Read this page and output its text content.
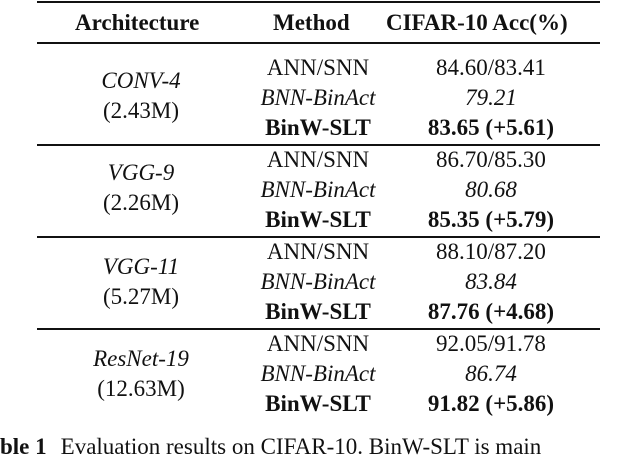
Architecture	Method CIFAR-10 Acc(%)
CONV-4
(2.43M)
ANN/SNN	84.60/83.41
BNN-BinAct	79.21
BinW-SLT	83.65 (+5.61)
VGG-9
(2.26M)
ANN/SNN	86.70/85.30
BNN-BinAct	80.68
BinW-SLT	85.35 (+5.79)
VGG-11
(5.27M)
ANN/SNN	88.10/87.20
BNN-BinAct	83.84
BinW-SLT	87.76 (+4.68)
ResNet-19
(12.63M)
ANN/SNN	92.05/91.78
BNN-BinAct	86.74
BinW-SLT	91.82 (+5.86)
ble 1 Evaluation results on CIFAR-10. BinW-SLT is main
